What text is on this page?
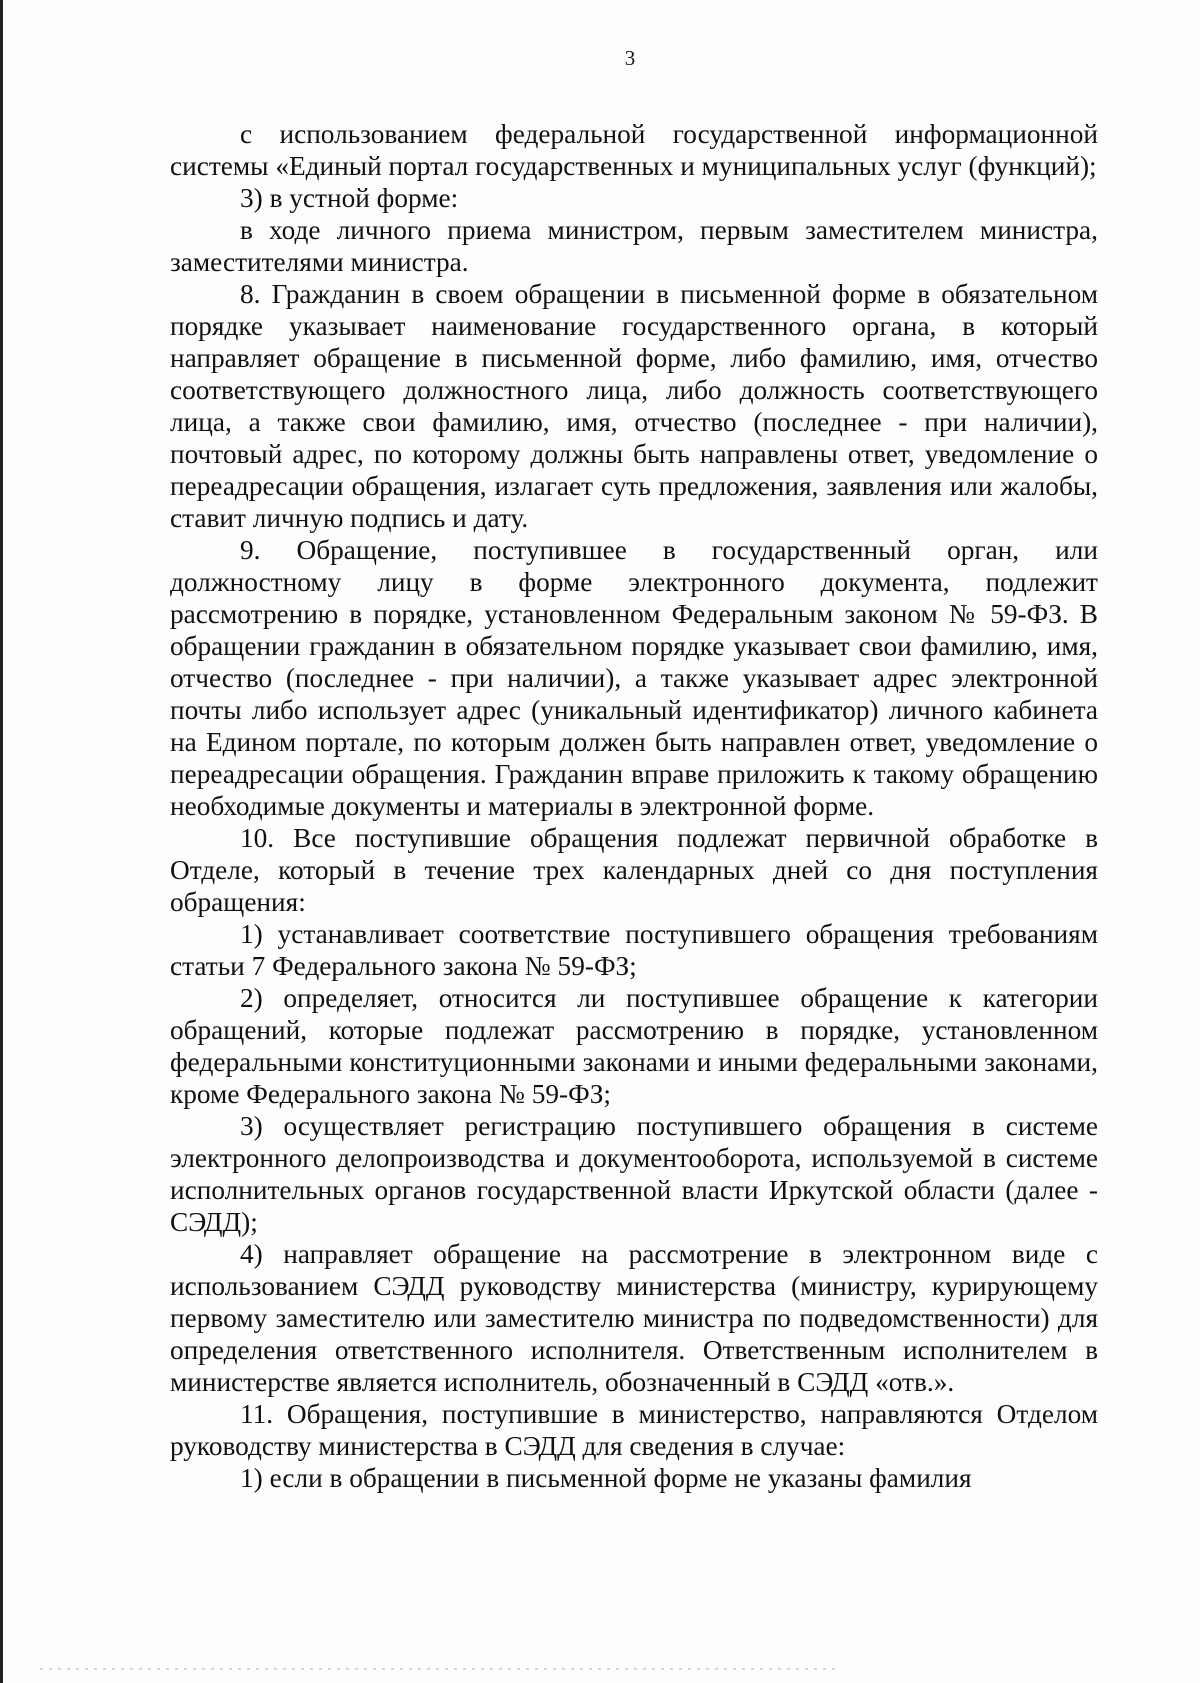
3

с использованием федеральной государственной информационной системы «Единый портал государственных и муниципальных услуг (функций);

3) в устной форме:

в ходе личного приема министром, первым заместителем министра, заместителями министра.

8. Гражданин в своем обращении в письменной форме в обязательном порядке указывает наименование государственного органа, в который направляет обращение в письменной форме, либо фамилию, имя, отчество соответствующего должностного лица, либо должность соответствующего лица, а также свои фамилию, имя, отчество (последнее - при наличии), почтовый адрес, по которому должны быть направлены ответ, уведомление о переадресации обращения, излагает суть предложения, заявления или жалобы, ставит личную подпись и дату.

9. Обращение, поступившее в государственный орган, или должностному лицу в форме электронного документа, подлежит рассмотрению в порядке, установленном Федеральным законом № 59-ФЗ. В обращении гражданин в обязательном порядке указывает свои фамилию, имя, отчество (последнее - при наличии), а также указывает адрес электронной почты либо использует адрес (уникальный идентификатор) личного кабинета на Едином портале, по которым должен быть направлен ответ, уведомление о переадресации обращения. Гражданин вправе приложить к такому обращению необходимые документы и материалы в электронной форме.

10. Все поступившие обращения подлежат первичной обработке в Отделе, который в течение трех календарных дней со дня поступления обращения:

1) устанавливает соответствие поступившего обращения требованиям статьи 7 Федерального закона № 59-ФЗ;

2) определяет, относится ли поступившее обращение к категории обращений, которые подлежат рассмотрению в порядке, установленном федеральными конституционными законами и иными федеральными законами, кроме Федерального закона № 59-ФЗ;

3) осуществляет регистрацию поступившего обращения в системе электронного делопроизводства и документооборота, используемой в системе исполнительных органов государственной власти Иркутской области (далее - СЭДД);

4) направляет обращение на рассмотрение в электронном виде с использованием СЭДД руководству министерства (министру, курирующему первому заместителю или заместителю министра по подведомственности) для определения ответственного исполнителя. Ответственным исполнителем в министерстве является исполнитель, обозначенный в СЭДД «отв.».

11. Обращения, поступившие в министерство, направляются Отделом руководству министерства в СЭДД для сведения в случае:

1) если в обращении в письменной форме не указаны фамилия
